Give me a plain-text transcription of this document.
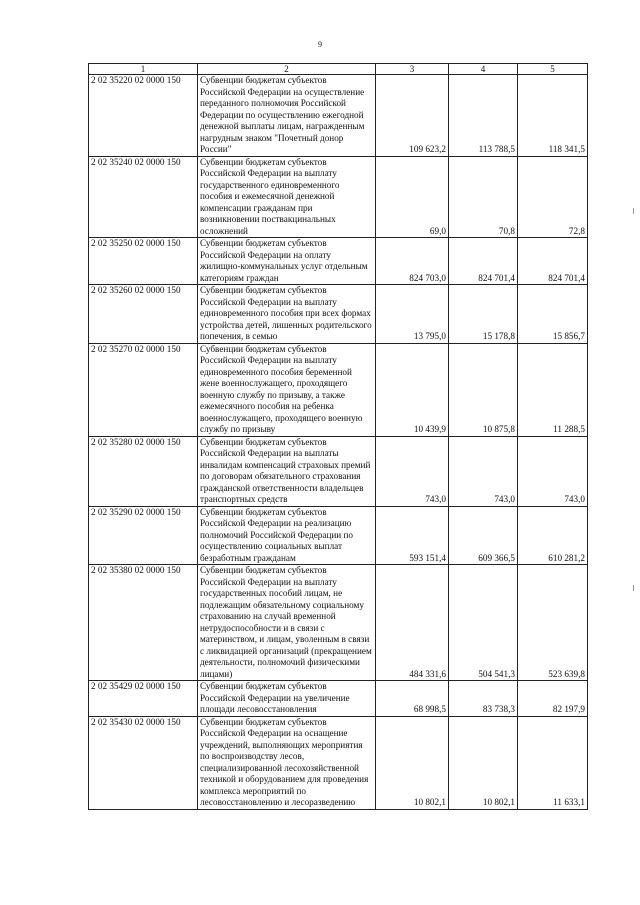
9
1	2	3	4	5
2 02 35220 02 0000 150	Субвенции бюджетам субъектов Российской Федерации на осуществление переданного полномочия Российской Федерации по осуществлению ежегодной денежной выплаты лицам, награжденным нагрудным знаком "Почетный донор России"	109 623,2	113 788,5	118 341,5
2 02 35240 02 0000 150	Субвенции бюджетам субъектов Российской Федерации на выплату государственного единовременного пособия и ежемесячной денежной компенсации гражданам при возникновении поствакцинальных осложнений	69,0	70,8	72,8
2 02 35250 02 0000 150	Субвенции бюджетам субъектов Российской Федерации на оплату жилищно-коммунальных услуг отдельным категориям граждан	824 703,0	824 701,4	824 701,4
2 02 35260 02 0000 150	Субвенции бюджетам субъектов Российской Федерации на выплату единовременного пособия при всех формах устройства детей, лишенных родительского попечения, в семью	13 795,0	15 178,8	15 856,7
2 02 35270 02 0000 150	Субвенции бюджетам субъектов Российской Федерации на выплату единовременного пособия беременной жене военнослужащего, проходящего военную службу по призыву, а также ежемесячного пособия на ребенка военнослужащего, проходящего военную службу по призыву	10 439,9	10 875,8	11 288,5
2 02 35280 02 0000 150	Субвенции бюджетам субъектов Российской Федерации на выплаты инвалидам компенсаций страховых премий по договорам обязательного страхования гражданской ответственности владельцев транспортных средств	743,0	743,0	743,0
2 02 35290 02 0000 150	Субвенции бюджетам субъектов Российской Федерации на реализацию полномочий Российской Федерации по осуществлению социальных выплат безработным гражданам	593 151,4	609 366,5	610 281,2
2 02 35380 02 0000 150	Субвенции бюджетам субъектов Российской Федерации на выплату государственных пособий лицам, не подлежащим обязательному социальному страхованию на случай временной нетрудоспособности и в связи с материнством, и лицам, уволенным в связи с ликвидацией организаций (прекращением деятельности, полномочий физическими лицами)	484 331,6	504 541,3	523 639,8
2 02 35429 02 0000 150	Субвенции бюджетам субъектов Российской Федерации на увеличение площади лесовосстановления	68 998,5	83 738,3	82 197,9
2 02 35430 02 0000 150	Субвенции бюджетам субъектов Российской Федерации на оснащение учреждений, выполняющих мероприятия по воспроизводству лесов, специализированной лесохозяйственной техникой и оборудованием для проведения комплекса мероприятий по лесовосстановлению и лесоразведению	10 802,1	10 802,1	11 633,1
